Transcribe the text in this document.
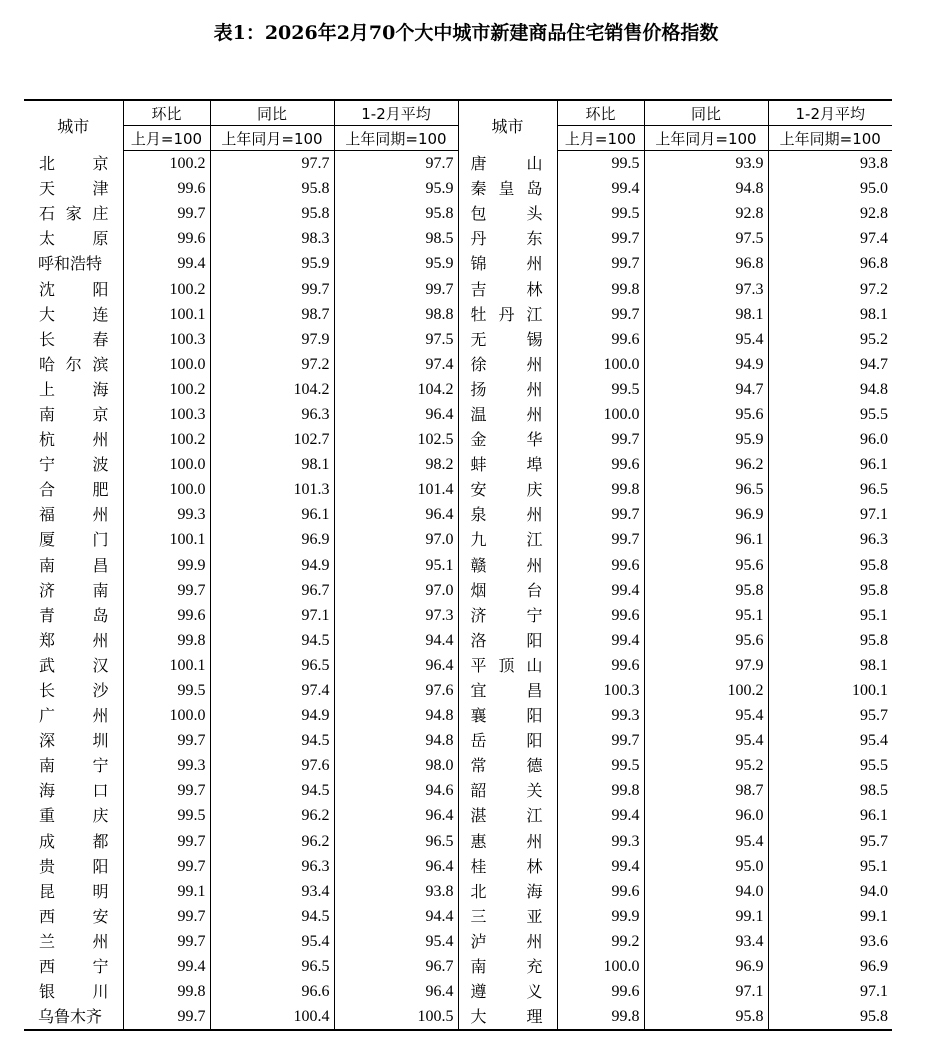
表1：2026年2月70个大中城市新建商品住宅销售价格指数
城市	环比	同比	1-2月平均	城市	环比	同比	1-2月平均
	上月=100	上年同月=100	上年同期=100		上月=100	上年同月=100	上年同期=100
北 京	100.2	97.7	97.7	唐 山	99.5	93.9	93.8
天 津	99.6	95.8	95.9	秦 皇 岛	99.4	94.8	95.0
石 家 庄	99.7	95.8	95.8	包 头	99.5	92.8	92.8
太 原	99.6	98.3	98.5	丹 东	99.7	97.5	97.4
呼和浩特	99.4	95.9	95.9	锦 州	99.7	96.8	96.8
沈 阳	100.2	99.7	99.7	吉 林	99.8	97.3	97.2
大 连	100.1	98.7	98.8	牡 丹 江	99.7	98.1	98.1
长 春	100.3	97.9	97.5	无 锡	99.6	95.4	95.2
哈 尔 滨	100.0	97.2	97.4	徐 州	100.0	94.9	94.7
上 海	100.2	104.2	104.2	扬 州	99.5	94.7	94.8
南 京	100.3	96.3	96.4	温 州	100.0	95.6	95.5
杭 州	100.2	102.7	102.5	金 华	99.7	95.9	96.0
宁 波	100.0	98.1	98.2	蚌 埠	99.6	96.2	96.1
合 肥	100.0	101.3	101.4	安 庆	99.8	96.5	96.5
福 州	99.3	96.1	96.4	泉 州	99.7	96.9	97.1
厦 门	100.1	96.9	97.0	九 江	99.7	96.1	96.3
南 昌	99.9	94.9	95.1	赣 州	99.6	95.6	95.8
济 南	99.7	96.7	97.0	烟 台	99.4	95.8	95.8
青 岛	99.6	97.1	97.3	济 宁	99.6	95.1	95.1
郑 州	99.8	94.5	94.4	洛 阳	99.4	95.6	95.8
武 汉	100.1	96.5	96.4	平 顶 山	99.6	97.9	98.1
长 沙	99.5	97.4	97.6	宜 昌	100.3	100.2	100.1
广 州	100.0	94.9	94.8	襄 阳	99.3	95.4	95.7
深 圳	99.7	94.5	94.8	岳 阳	99.7	95.4	95.4
南 宁	99.3	97.6	98.0	常 德	99.5	95.2	95.5
海 口	99.7	94.5	94.6	韶 关	99.8	98.7	98.5
重 庆	99.5	96.2	96.4	湛 江	99.4	96.0	96.1
成 都	99.7	96.2	96.5	惠 州	99.3	95.4	95.7
贵 阳	99.7	96.3	96.4	桂 林	99.4	95.0	95.1
昆 明	99.1	93.4	93.8	北 海	99.6	94.0	94.0
西 安	99.7	94.5	94.4	三 亚	99.9	99.1	99.1
兰 州	99.7	95.4	95.4	泸 州	99.2	93.4	93.6
西 宁	99.4	96.5	96.7	南 充	100.0	96.9	96.9
银 川	99.8	96.6	96.4	遵 义	99.6	97.1	97.1
乌鲁木齐	99.7	100.4	100.5	大 理	99.8	95.8	95.8
